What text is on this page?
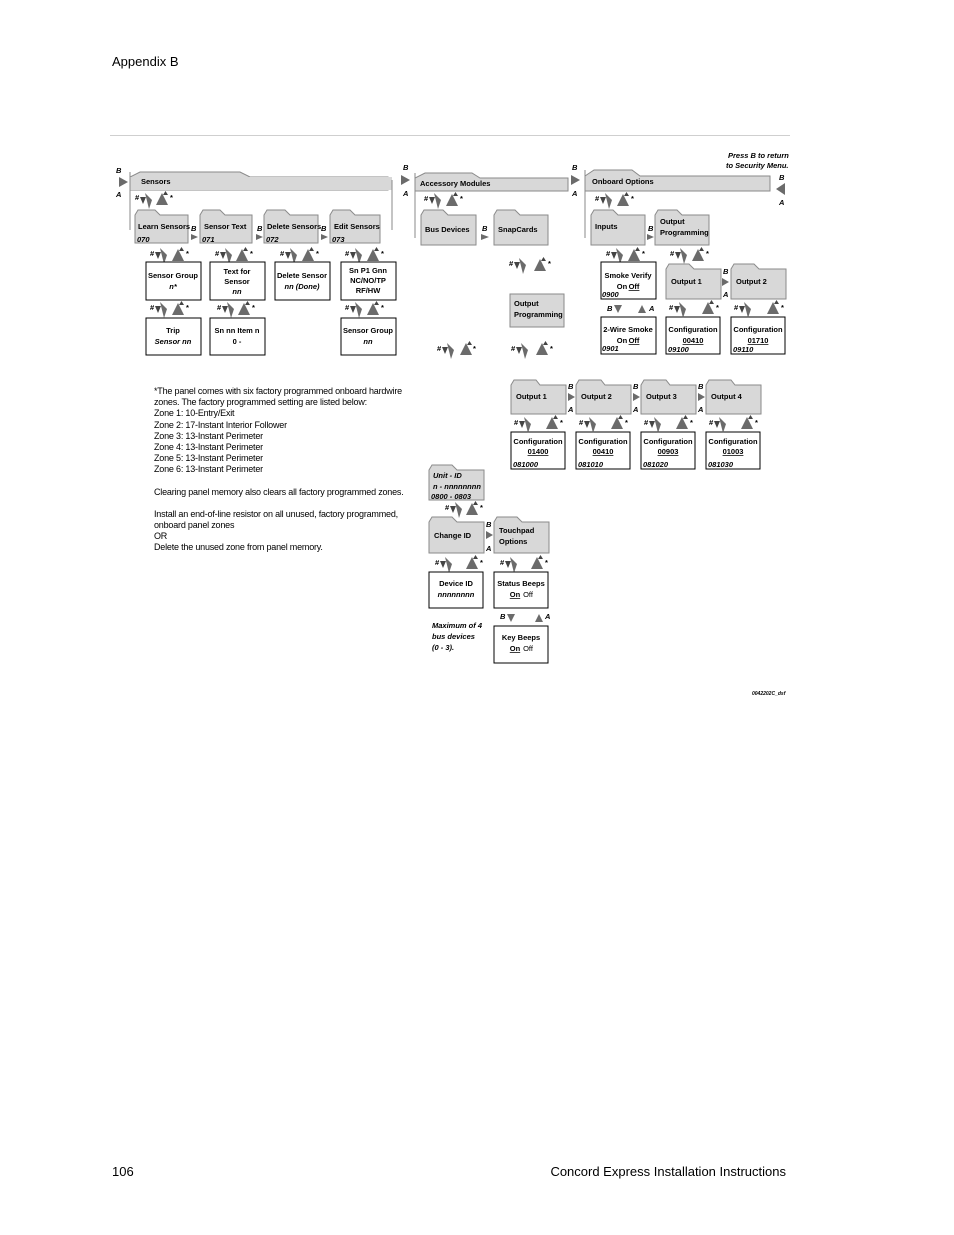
Appendix B
Sensors
B
A #	*
Learn Sensors
070
Sensor Text
071
Delete Sensors
072
Edit Sensors
073
B	B	B
#	*	#	*	#	*	#	*
Sensor Group
n*
Text for
Sensor
nn
Delete Sensor
nn (Done)
Sn P1 Gnn
NC/NO/TP
RF/HW
#	*	#	*	#	*
Trip
Sensor nn
Sn nn Item n
0 -
Sensor Group
nn
B
A
Accessory Modules
#	*
Bus Devices B SnapCards
#	*
Output
Programming
#	*	#	*
Output 1
Configuration
01400
081000
Output 2
Configuration
00410
081010
Output 3
Configuration
00903
081020
Output 4
Configuration
01003
081030
B
A
B
A
B
A
#	* #	* #	* #	*
Unit - ID
n - nnnnnnnn
0800 - 0803
#	*
Change ID
B
A
Touchpad
Options
#	* #	*
Device ID
nnnnnnnn
Status Beeps
On Off
B	A
Key Beeps
On Off
Maximum of 4
bus devices
(0 - 3).
B
A
Onboard Options
Press B to return
to Security Menu.
B
A
#	*
Inputs	B
Output
Programming
#	*	#	*
Smoke Verify
On Off
0900
B	A
2-Wire Smoke
On Off
0901
Output 1
Configuration
00410
09100
Output 2
Configuration
01710
09110
B
A
#	* #	*
0042202C_dsf

*The panel comes with six factory programmed onboard hardwire zones. The factory programmed setting are listed below:
Zone 1: 10-Entry/Exit
Zone 2: 17-Instant Interior Follower
Zone 3: 13-Instant Perimeter
Zone 4: 13-Instant Perimeter
Zone 5: 13-Instant Perimeter
Zone 6: 13-Instant Perimeter

Clearing panel memory also clears all factory programmed zones.

Install an end-of-line resistor on all unused, factory programmed, onboard panel zones
OR
Delete the unused zone from panel memory.

106	Concord Express Installation Instructions
